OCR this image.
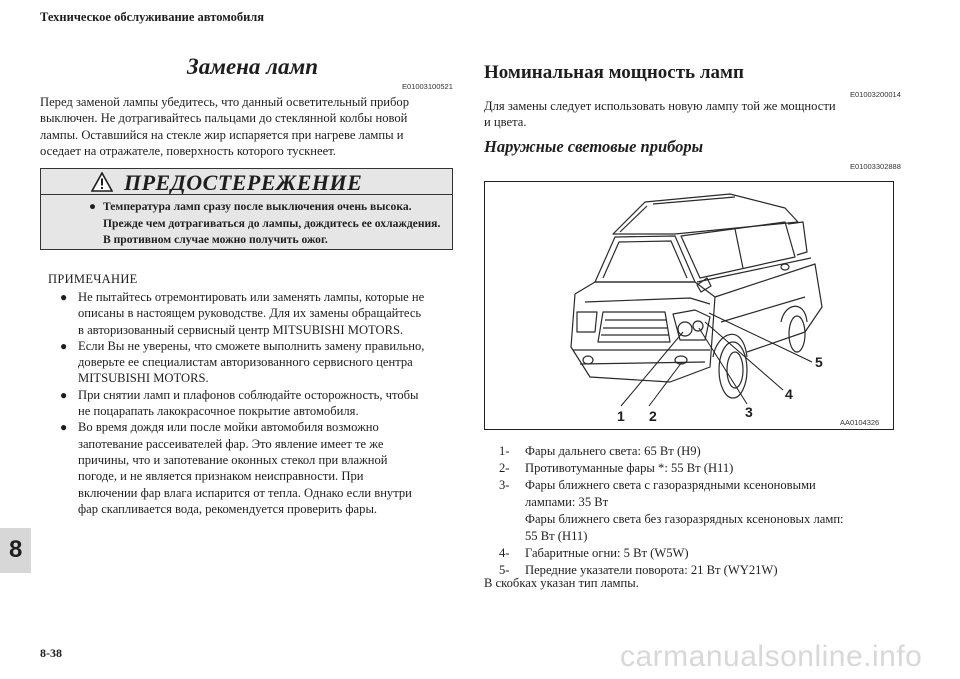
Техническое обслуживание автомобиля
Замена ламп
E01003100521
Перед заменой лампы убедитесь, что данный осветительный прибор
выключен. Не дотрагивайтесь пальцами до стеклянной колбы новой
лампы. Оставшийся на стекле жир испаряется при нагреве лампы и
оседает на отражателе, поверхность которого тускнеет.
ПРЕДОСТЕРЕЖЕНИЕ
● Температура ламп сразу после выключения очень высока.
Прежде чем дотрагиваться до лампы, дождитесь ее охлаждения.
В противном случае можно получить ожог.
ПРИМЕЧАНИЕ
● Не пытайтесь отремонтировать или заменять лампы, которые не
описаны в настоящем руководстве. Для их замены обращайтесь
в авторизованный сервисный центр MITSUBISHI MOTORS.
● Если Вы не уверены, что сможете выполнить замену правильно,
доверьте ее специалистам авторизованного сервисного центра
MITSUBISHI MOTORS.
● При снятии ламп и плафонов соблюдайте осторожность, чтобы
не поцарапать лакокрасочное покрытие автомобиля.
● Во время дождя или после мойки автомобиля возможно
запотевание рассеивателей фар. Это явление имеет те же
причины, что и запотевание оконных стекол при влажной
погоде, и не является признаком неисправности. При
включении фар влага испарится от тепла. Однако если внутри
фар скапливается вода, рекомендуется проверить фары.
Номинальная мощность ламп
E01003200014
Для замены следует использовать новую лампу той же мощности
и цвета.
Наружные световые приборы
E01003302888
1 2	3
4
5
AA0104326
1- Фары дальнего света: 65 Вт (H9)
2- Противотуманные фары *: 55 Вт (H11)
3- Фары ближнего света с газоразрядными ксеноновыми
лампами: 35 Вт
Фары ближнего света без газоразрядных ксеноновых ламп:
55 Вт (H11)
4- Габаритные огни: 5 Вт (W5W)
5- Передние указатели поворота: 21 Вт (WY21W)
В скобках указан тип лампы.
8
8-38	carmanualsonline.info
